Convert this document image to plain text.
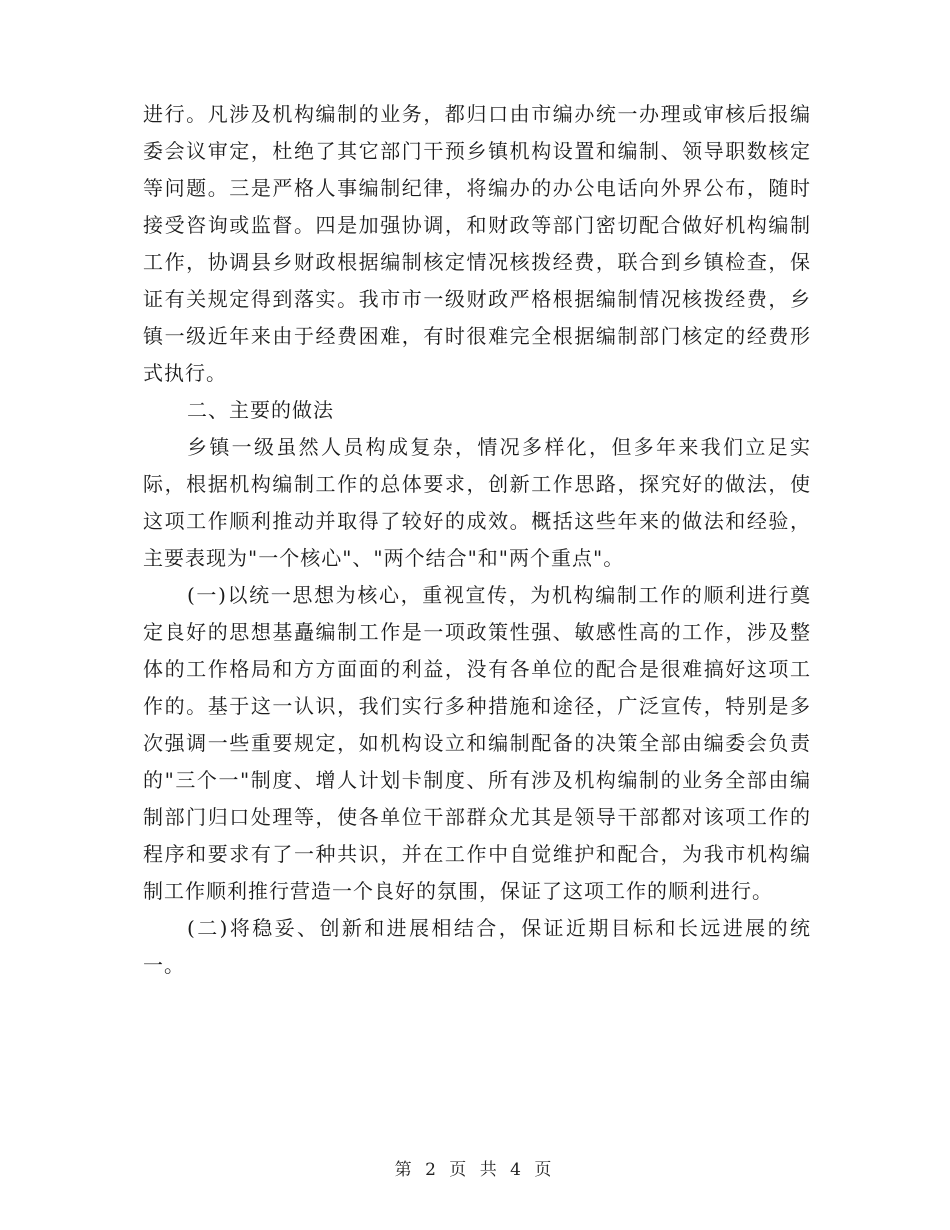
进行。凡涉及机构编制的业务，都归口由市编办统一办理或审核后报编委会议审定，杜绝了其它部门干预乡镇机构设置和编制、领导职数核定等问题。三是严格人事编制纪律，将编办的办公电话向外界公布，随时接受咨询或监督。四是加强协调，和财政等部门密切配合做好机构编制工作，协调县乡财政根据编制核定情况核拨经费，联合到乡镇检查，保证有关规定得到落实。我市市一级财政严格根据编制情况核拨经费，乡镇一级近年来由于经费困难，有时很难完全根据编制部门核定的经费形式执行。

二、主要的做法

乡镇一级虽然人员构成复杂，情况多样化，但多年来我们立足实际，根据机构编制工作的总体要求，创新工作思路，探究好的做法，使这项工作顺利推动并取得了较好的成效。概括这些年来的做法和经验，主要表现为"一个核心"、"两个结合"和"两个重点"。

(一)以统一思想为核心，重视宣传，为机构编制工作的顺利进行奠定良好的思想基矗编制工作是一项政策性强、敏感性高的工作，涉及整体的工作格局和方方面面的利益，没有各单位的配合是很难搞好这项工作的。基于这一认识，我们实行多种措施和途径，广泛宣传，特别是多次强调一些重要规定，如机构设立和编制配备的决策全部由编委会负责的"三个一"制度、增人计划卡制度、所有涉及机构编制的业务全部由编制部门归口处理等，使各单位干部群众尤其是领导干部都对该项工作的程序和要求有了一种共识，并在工作中自觉维护和配合，为我市机构编制工作顺利推行营造一个良好的氛围，保证了这项工作的顺利进行。

(二)将稳妥、创新和进展相结合，保证近期目标和长远进展的统一。

第 2 页 共 4 页
